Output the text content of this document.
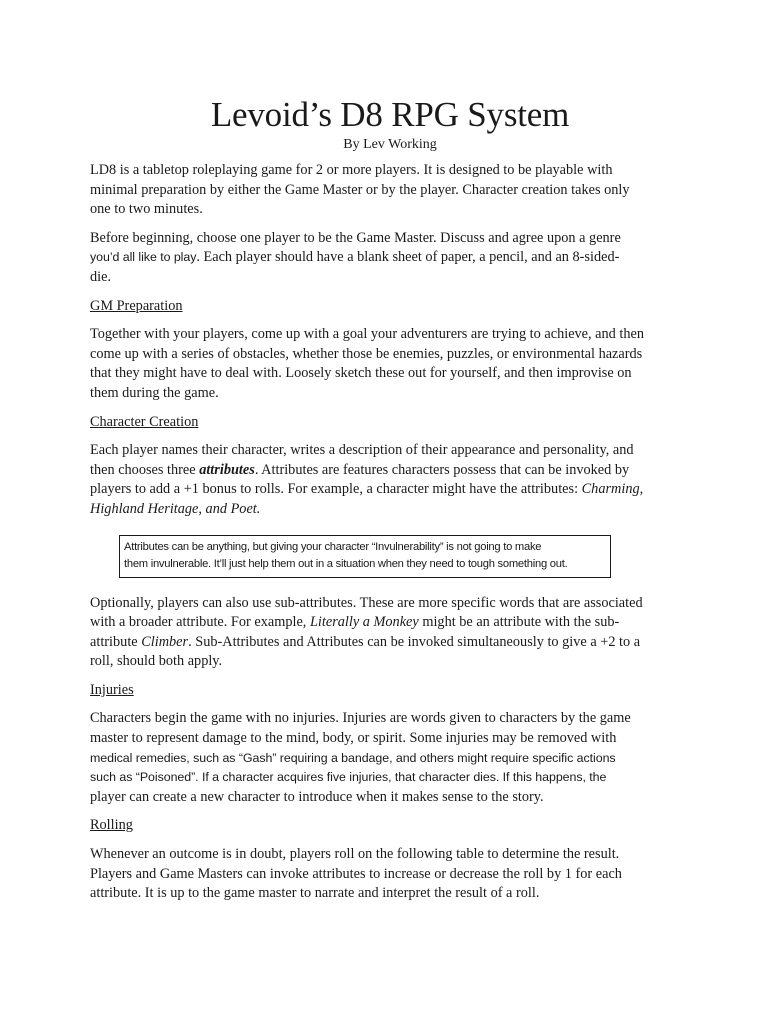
Levoid’s D8 RPG System

By Lev Working

LD8 is a tabletop roleplaying game for 2 or more players. It is designed to be playable with
minimal preparation by either the Game Master or by the player. Character creation takes only
one to two minutes.

Before beginning, choose one player to be the Game Master. Discuss and agree upon a genre
you’d all like to play. Each player should have a blank sheet of paper, a pencil, and an 8-sided-
die.

GM Preparation

Together with your players, come up with a goal your adventurers are trying to achieve, and then
come up with a series of obstacles, whether those be enemies, puzzles, or environmental hazards
that they might have to deal with. Loosely sketch these out for yourself, and then improvise on
them during the game.

Character Creation

Each player names their character, writes a description of their appearance and personality, and
then chooses three attributes. Attributes are features characters possess that can be invoked by
players to add a +1 bonus to rolls. For example, a character might have the attributes: Charming,
Highland Heritage, and Poet.

Attributes can be anything, but giving your character “Invulnerability” is not going to make

them invulnerable. It’ll just help them out in a situation when they need to tough something out.

Optionally, players can also use sub-attributes. These are more specific words that are associated
with a broader attribute. For example, Literally a Monkey might be an attribute with the sub-
attribute Climber. Sub-Attributes and Attributes can be invoked simultaneously to give a +2 to a
roll, should both apply.

Injuries

Characters begin the game with no injuries. Injuries are words given to characters by the game
master to represent damage to the mind, body, or spirit. Some injuries may be removed with
medical remedies, such as “Gash” requiring a bandage, and others might require specific actions
such as “Poisoned”. If a character acquires five injuries, that character dies. If this happens, the
player can create a new character to introduce when it makes sense to the story.

Rolling

Whenever an outcome is in doubt, players roll on the following table to determine the result.
Players and Game Masters can invoke attributes to increase or decrease the roll by 1 for each
attribute. It is up to the game master to narrate and interpret the result of a roll.
